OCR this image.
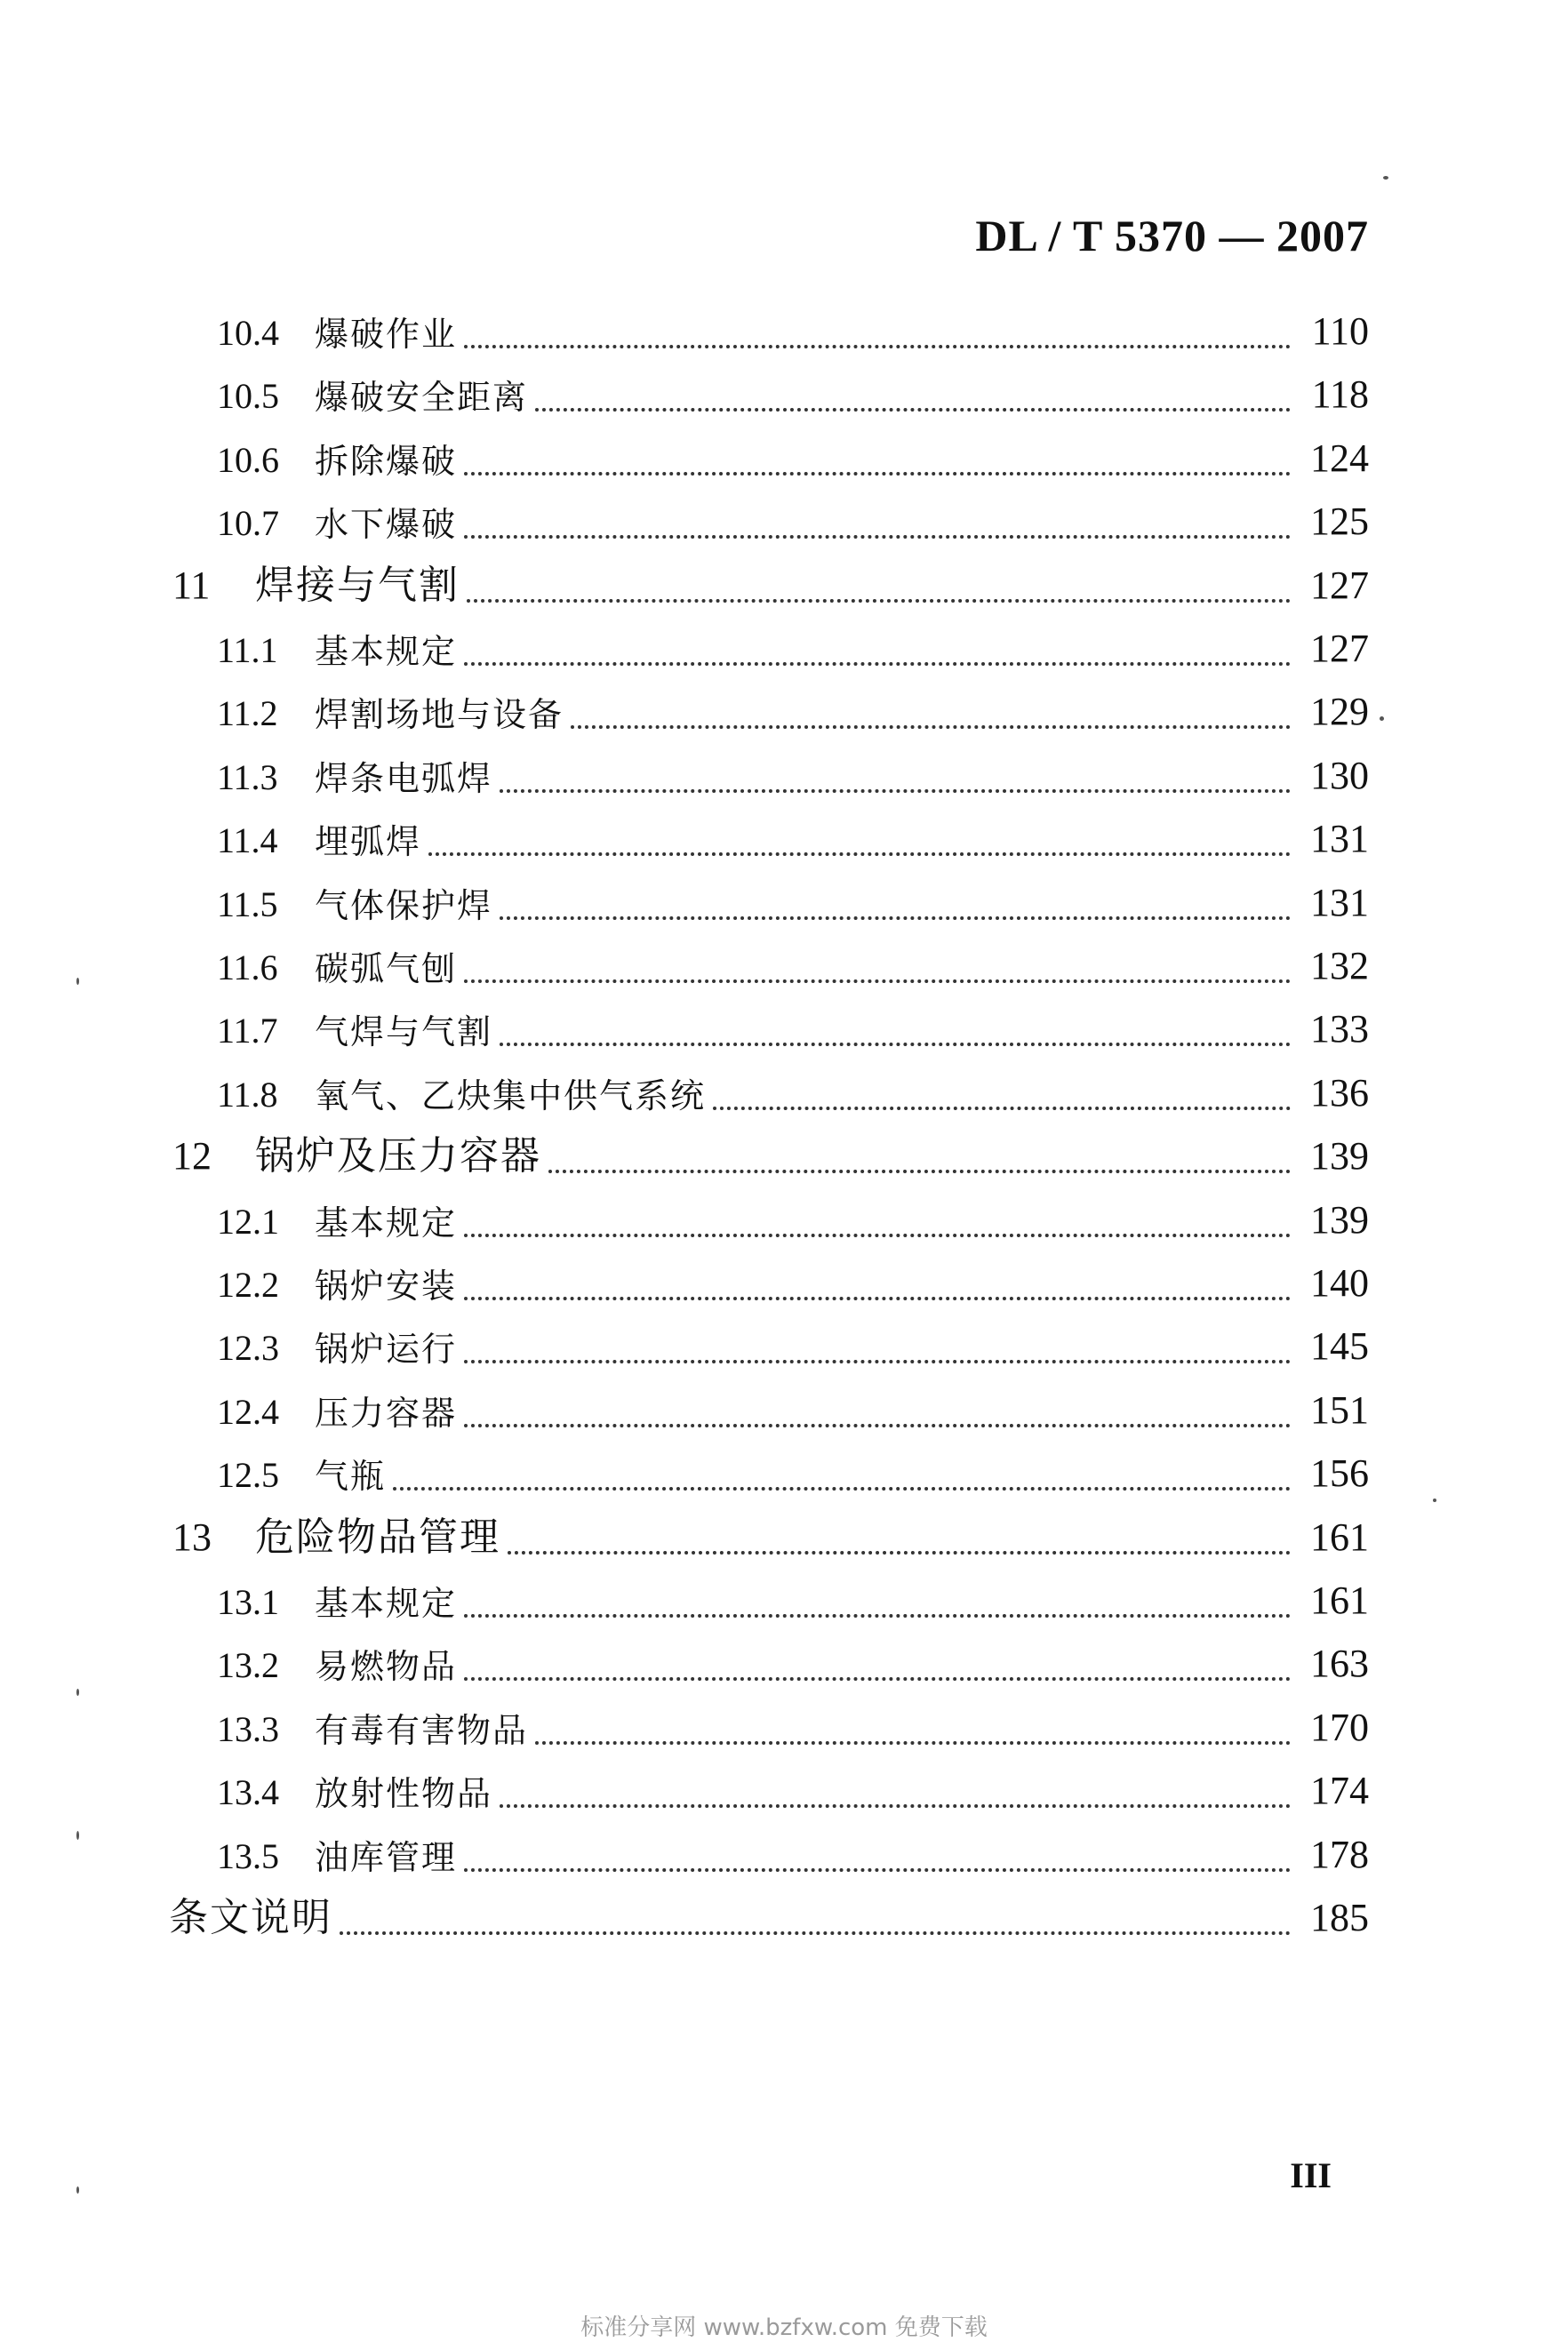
DL / T 5370 — 2007
10.4 爆破作业	110
10.5 爆破安全距离	118
10.6 拆除爆破	124
10.7 水下爆破	125
11 焊接与气割	127
11.1 基本规定	127
11.2 焊割场地与设备	129
11.3 焊条电弧焊	130
11.4 埋弧焊	131
11.5 气体保护焊	131
11.6 碳弧气刨	132
11.7 气焊与气割	133
11.8 氧气、乙炔集中供气系统	136
12 锅炉及压力容器	139
12.1 基本规定	139
12.2 锅炉安装	140
12.3 锅炉运行	145
12.4 压力容器	151
12.5 气瓶	156
13 危险物品管理	161
13.1 基本规定	161
13.2 易燃物品	163
13.3 有毒有害物品	170
13.4 放射性物品	174
13.5 油库管理	178
条文说明	185
III
标准分享网 www.bzfxw.com 免费下载
